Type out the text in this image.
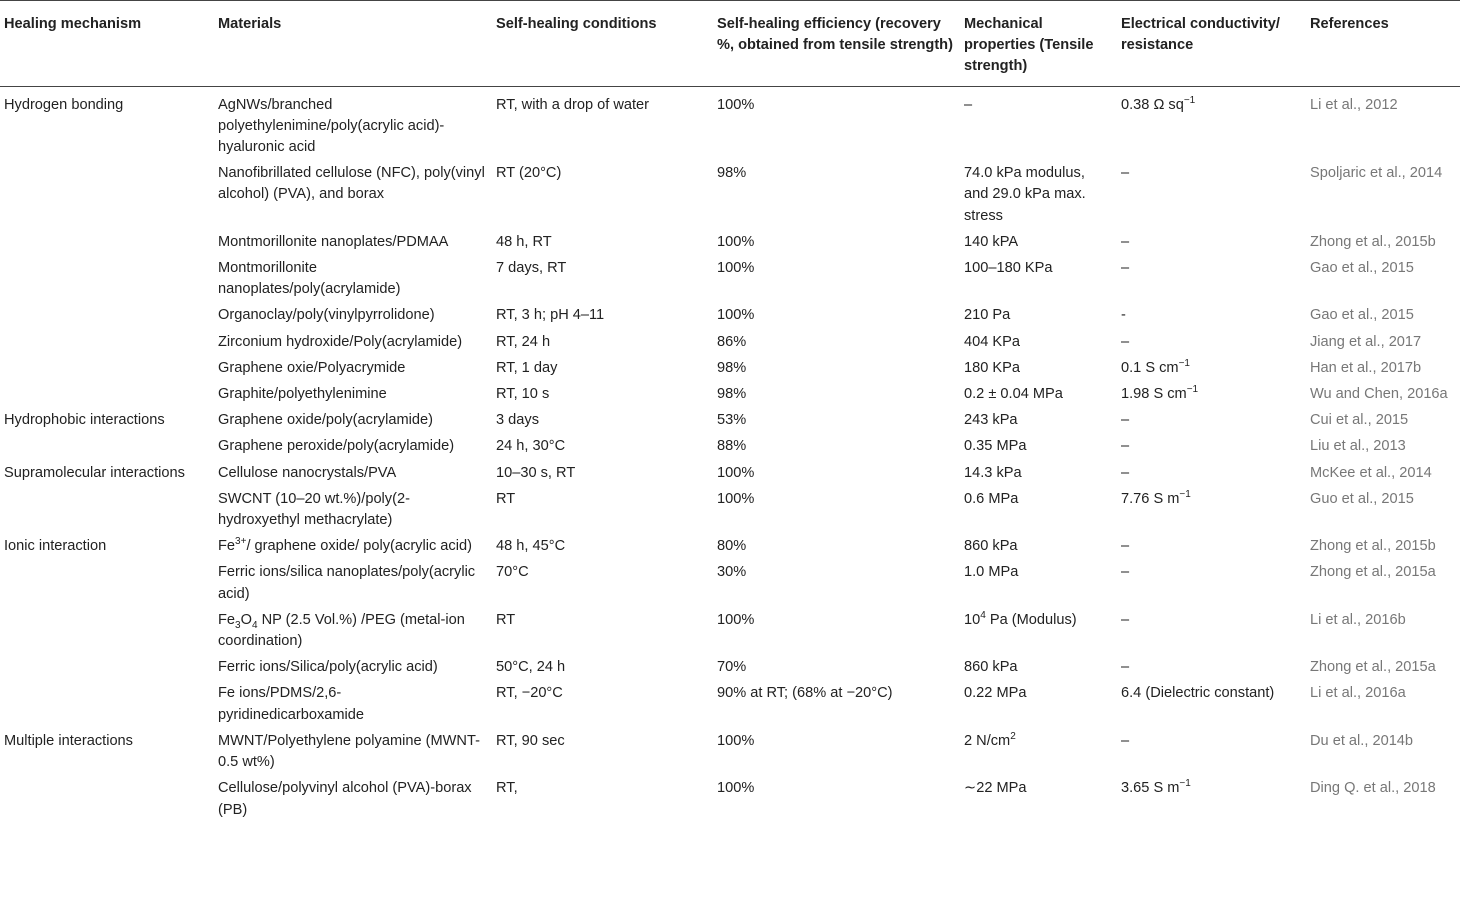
Healing mechanism	Materials	Self-healing conditions	Self-healing efficiency (recovery %, obtained from tensile strength)	Mechanical properties (Tensile strength)	Electrical conductivity/ resistance	References
Hydrogen bonding	AgNWs/branched polyethylenimine/poly(acrylic acid)-hyaluronic acid	RT, with a drop of water	100%	–	0.38 Ω $sq^{-1}$	Li et al., 2012
	Nanofibrillated cellulose (NFC), poly(vinyl alcohol) (PVA), and borax	RT (20°C)	98%	74.0 kPa modulus, and 29.0 kPa max. stress	–	Spoljaric et al., 2014
	Montmorillonite nanoplates/PDMAA	48 h, RT	100%	140 kPA	–	Zhong et al., 2015b
	Montmorillonite nanoplates/poly(acrylamide)	7 days, RT	100%	100–180 KPa	–	Gao et al., 2015
	Organoclay/poly(vinylpyrrolidone)	RT, 3 h; pH 4–11	100%	210 Pa	-	Gao et al., 2015
	Zirconium hydroxide/Poly(acrylamide)	RT, 24 h	86%	404 KPa	–	Jiang et al., 2017
	Graphene oxie/Polyacrymide	RT, 1 day	98%	180 KPa	0.1 S $cm^{-1}$	Han et al., 2017b
	Graphite/polyethylenimine	RT, 10 s	98%	0.2 ± 0.04 MPa	1.98 S $cm^{-1}$	Wu and Chen, 2016a
Hydrophobic interactions	Graphene oxide/poly(acrylamide)	3 days	53%	243 kPa	–	Cui et al., 2015
	Graphene peroxide/poly(acrylamide)	24 h, 30°C	88%	0.35 MPa	–	Liu et al., 2013
Supramolecular interactions	Cellulose nanocrystals/PVA	10–30 s, RT	100%	14.3 kPa	–	McKee et al., 2014
	SWCNT (10–20 wt.%)/poly(2-hydroxyethyl methacrylate)	RT	100%	0.6 MPa	7.76 S $m^{-1}$	Guo et al., 2015
Ionic interaction	$Fe^{3+}/$ graphene oxide/ poly(acrylic acid)	48 h, 45°C	80%	860 kPa	–	Zhong et al., 2015b
	Ferric ions/silica nanoplates/poly(acrylic acid)	70°C	30%	1.0 MPa	–	Zhong et al., 2015a
	$Fe_3O_4$ NP (2.5 Vol.%) /PEG (metal-ion coordination)	RT	100%	$10^4$ Pa (Modulus)	–	Li et al., 2016b
	Ferric ions/Silica/poly(acrylic acid)	50°C, 24 h	70%	860 kPa	–	Zhong et al., 2015a
	Fe ions/PDMS/2,6-pyridinedicarboxamide	RT, −20°C	90% at RT; (68% at −20°C)	0.22 MPa	6.4 (Dielectric constant)	Li et al., 2016a
Multiple interactions	MWNT/Polyethylene polyamine (MWNT-0.5 wt%)	RT, 90 sec	100%	2 $N/cm^2$	–	Du et al., 2014b
	Cellulose/polyvinyl alcohol (PVA)-borax (PB)	RT,	100%	∼22 MPa	3.65 S $m^{-1}$	Ding Q. et al., 2018
